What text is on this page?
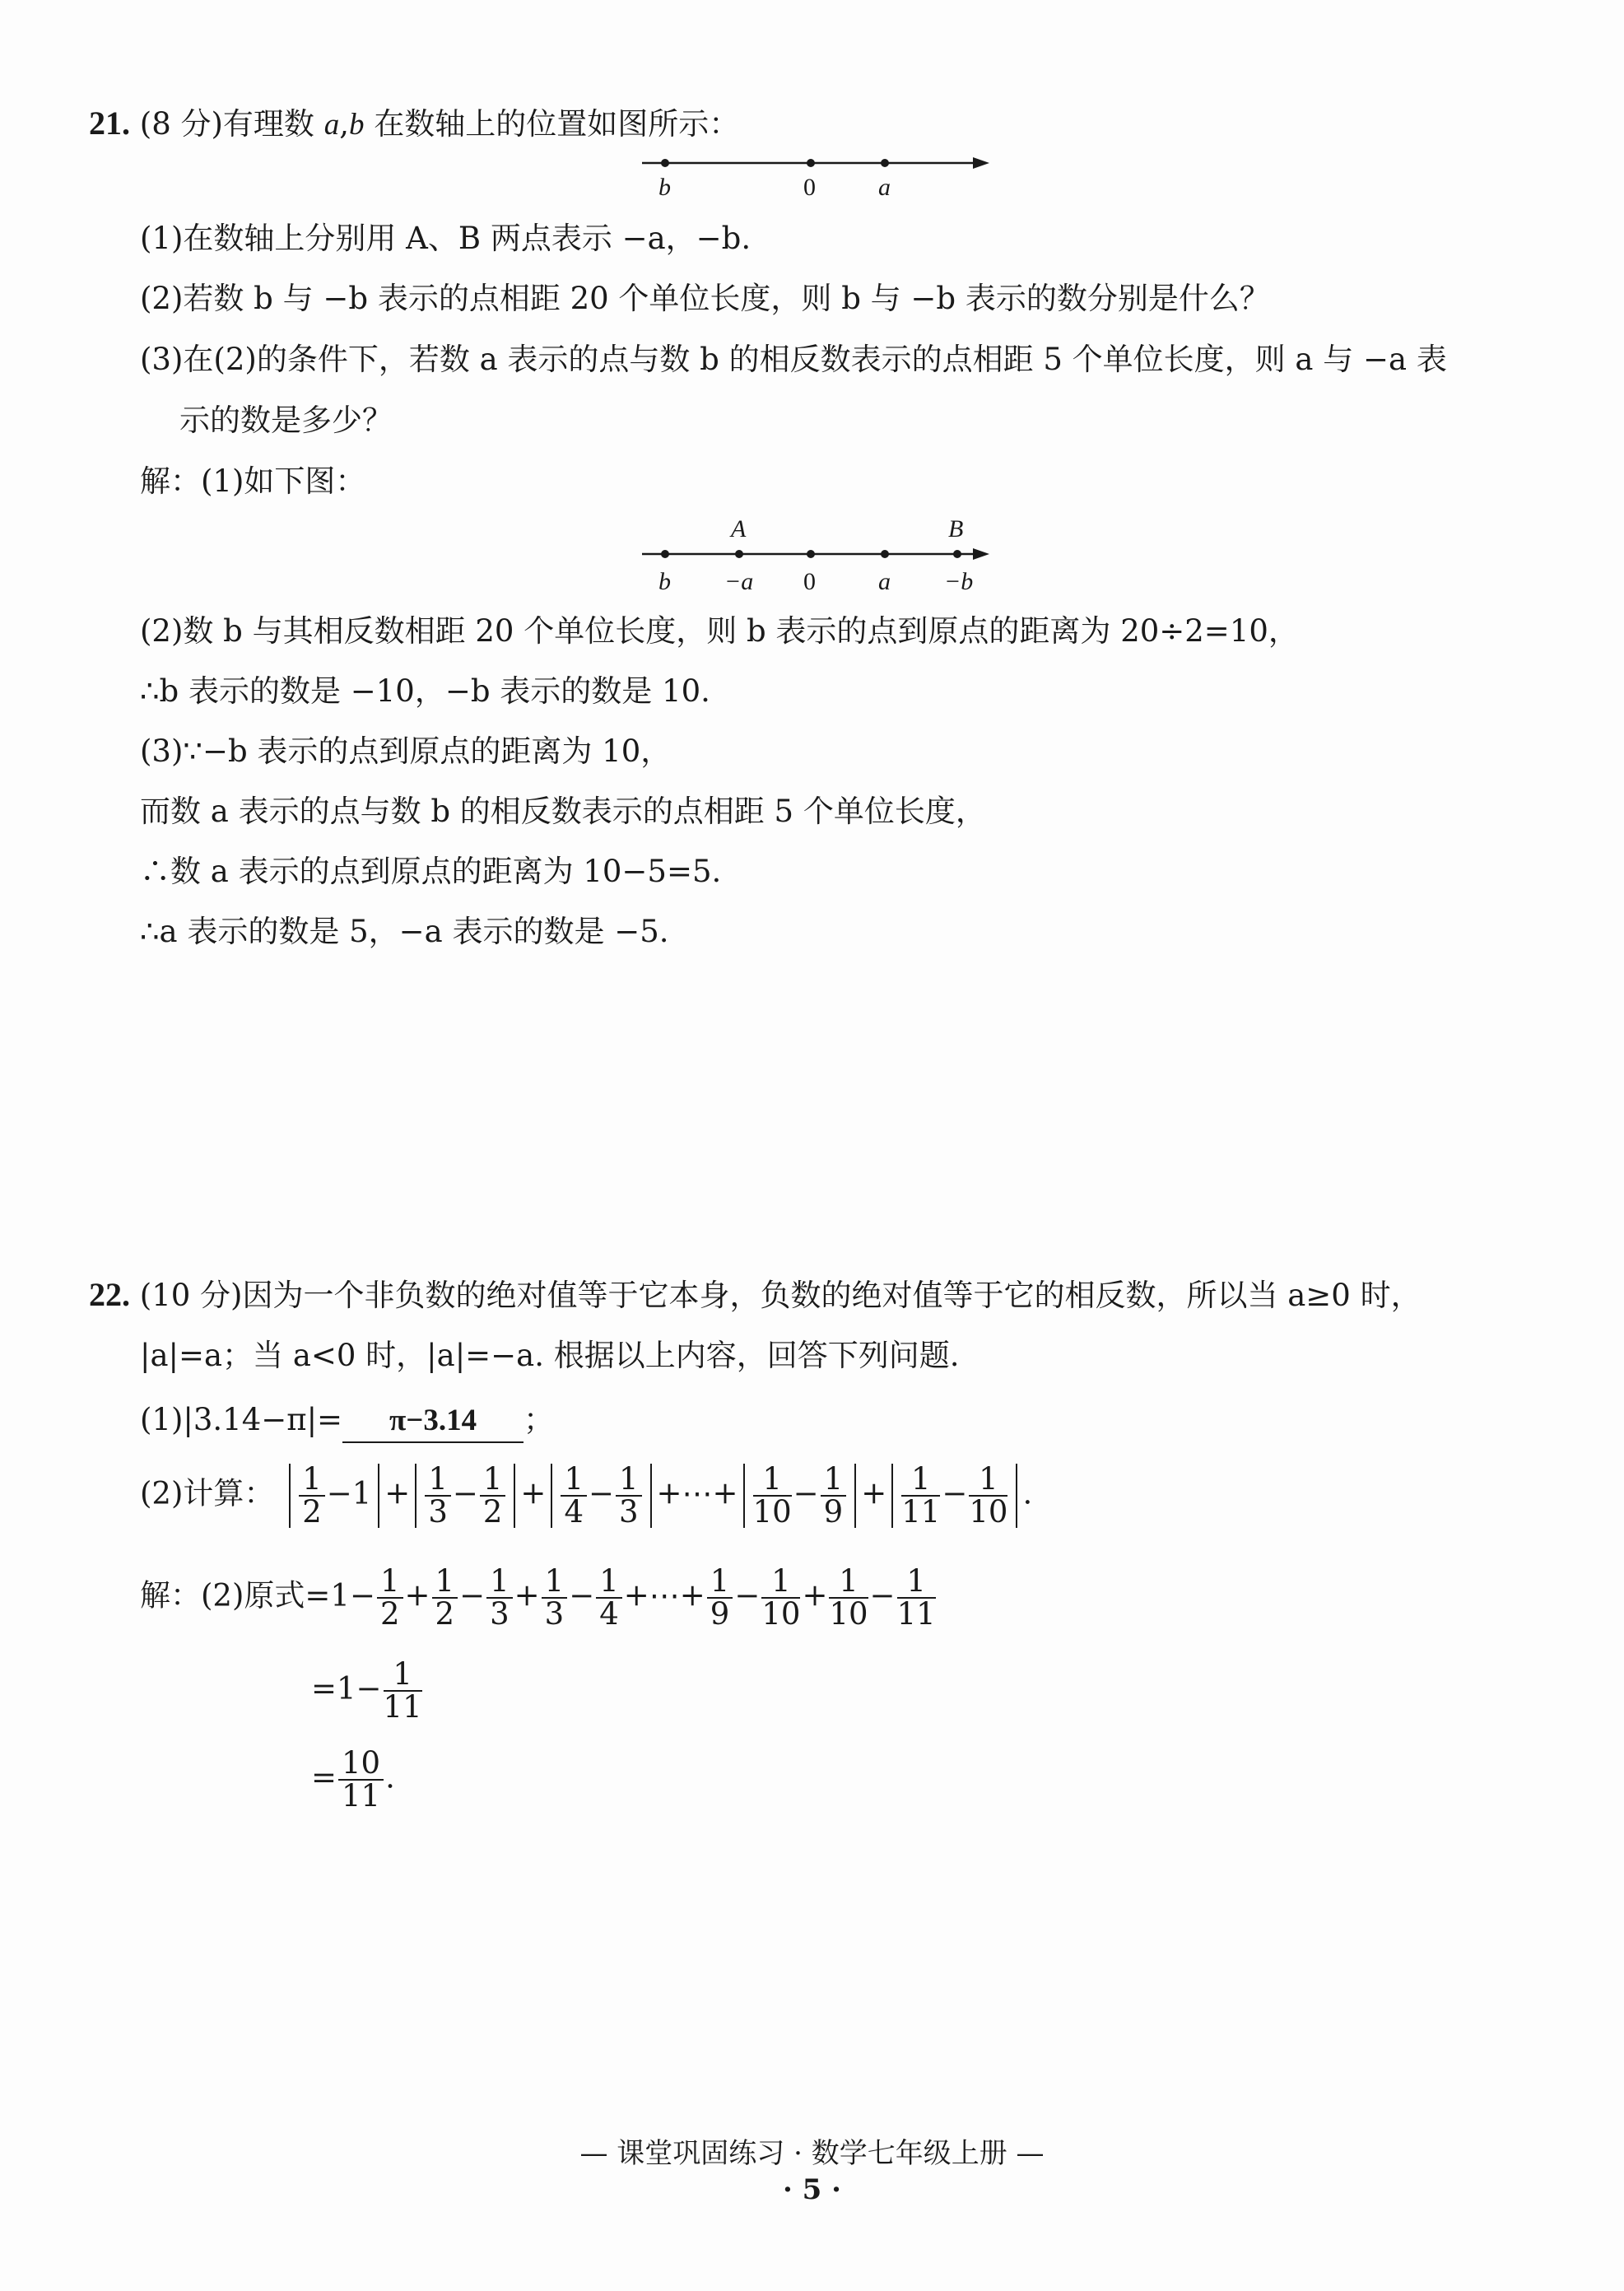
21. (8 分)有理数 a,b 在数轴上的位置如图所示：
b	0	a
(1)在数轴上分别用 A、B 两点表示 −a，−b.
(2)若数 b 与 −b 表示的点相距 20 个单位长度，则 b 与 −b 表示的数分别是什么？
(3)在(2)的条件下，若数 a 表示的点与数 b 的相反数表示的点相距 5 个单位长度，则 a 与 −a 表
示的数是多少？
解：(1)如下图：
A	B
b −a 0	a −b
(2)数 b 与其相反数相距 20 个单位长度，则 b 表示的点到原点的距离为 20÷2=10，
∴b 表示的数是 −10，−b 表示的数是 10.
(3)∵−b 表示的点到原点的距离为 10，
而数 a 表示的点与数 b 的相反数表示的点相距 5 个单位长度，
∴数 a 表示的点到原点的距离为 10−5=5.
∴a 表示的数是 5，−a 表示的数是 −5.
22. (10 分)因为一个非负数的绝对值等于它本身，负数的绝对值等于它的相反数，所以当 a≥0 时，
|a|=a；当 a<0 时，|a|=−a. 根据以上内容，回答下列问题.
(1)|3.14−π|= π−3.14 ；
(2)计算： $\frac{1}{2} -1 + \frac{1}{3} - \frac{1}{2} + \frac{1}{4} - \frac{1}{3}$ +⋯+ $\frac{1}{10} - \frac{1}{9} + \frac{1}{11} - \frac{1}{10}$ .
解：(2)原式$=1- \frac{1}{2} + \frac{1}{2} - \frac{1}{3} + \frac{1}{3} - \frac{1}{4}$ +⋯+ $\frac{1}{9} - \frac{1}{10} + \frac{1}{10} - \frac{1}{11}$
$=1- \frac{1}{11}$
= $\frac{10}{11}$ .
— 课堂巩固练习 · 数学七年级上册 —
· 5 ·
